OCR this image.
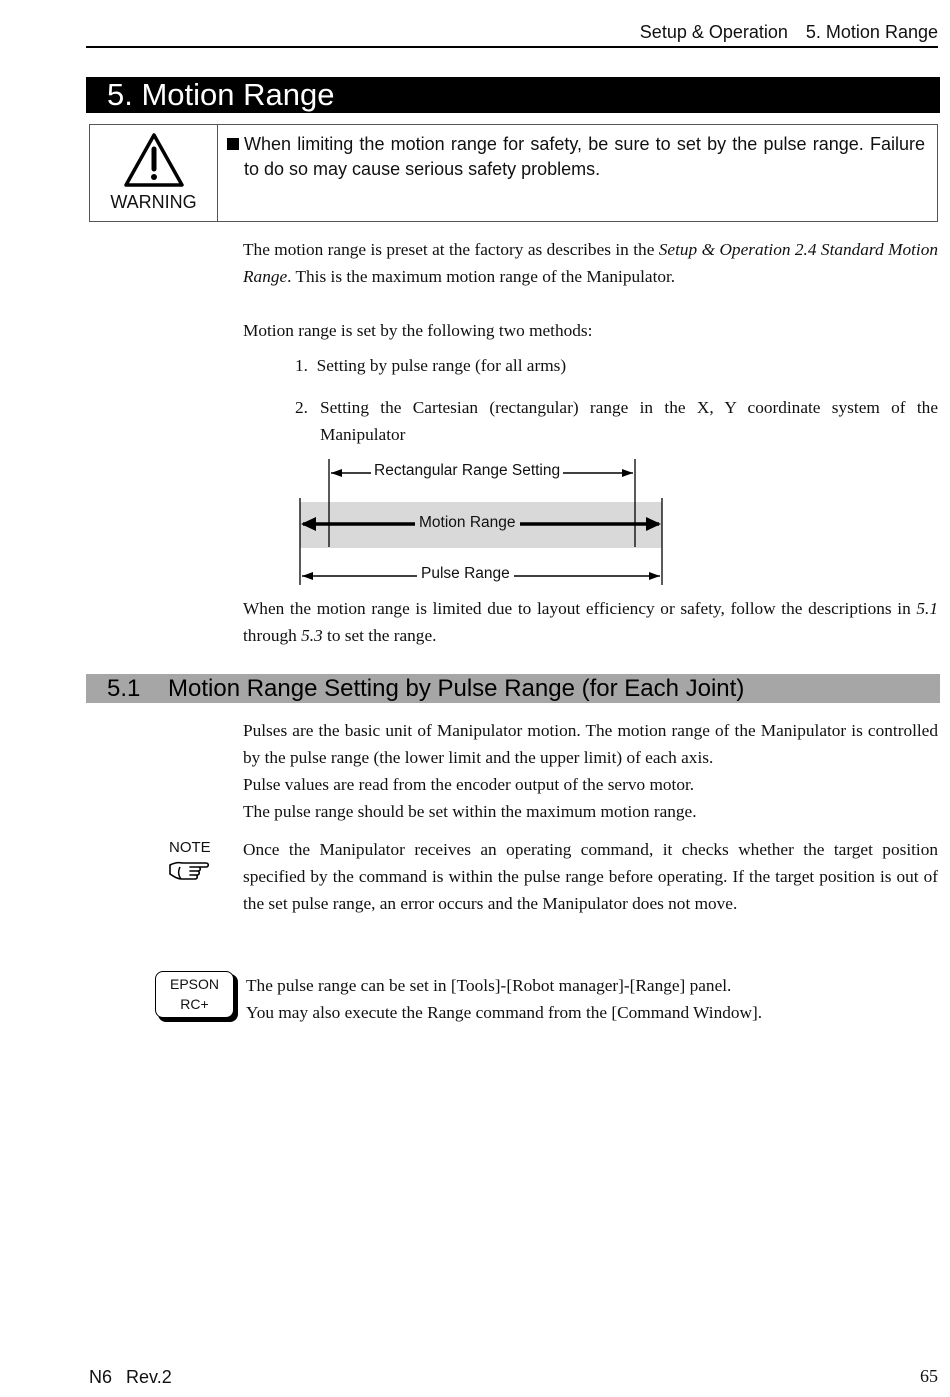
Setup & Operation 5. Motion Range
5. Motion Range
WARNING
When limiting the motion range for safety, be sure to set by the pulse range. Failure to do so may cause serious safety problems.
The motion range is preset at the factory as describes in the Setup & Operation 2.4 Standard Motion Range. This is the maximum motion range of the Manipulator.
Motion range is set by the following two methods:
1. Setting by pulse range (for all arms)
2. Setting the Cartesian (rectangular) range in the X, Y coordinate system of the Manipulator
Rectangular Range Setting
Motion Range
Pulse Range
When the motion range is limited due to layout efficiency or safety, follow the descriptions in 5.1 through 5.3 to set the range.
5.1 Motion Range Setting by Pulse Range (for Each Joint)
Pulses are the basic unit of Manipulator motion. The motion range of the Manipulator is controlled by the pulse range (the lower limit and the upper limit) of each axis.
Pulse values are read from the encoder output of the servo motor.
The pulse range should be set within the maximum motion range.
NOTE Once the Manipulator receives an operating command, it checks whether the target position specified by the command is within the pulse range before operating. If the target position is out of the set pulse range, an error occurs and the Manipulator does not move.
EPSON
RC+
The pulse range can be set in [Tools]-[Robot manager]-[Range] panel.
You may also execute the Range command from the [Command Window].
N6 Rev.2	65
